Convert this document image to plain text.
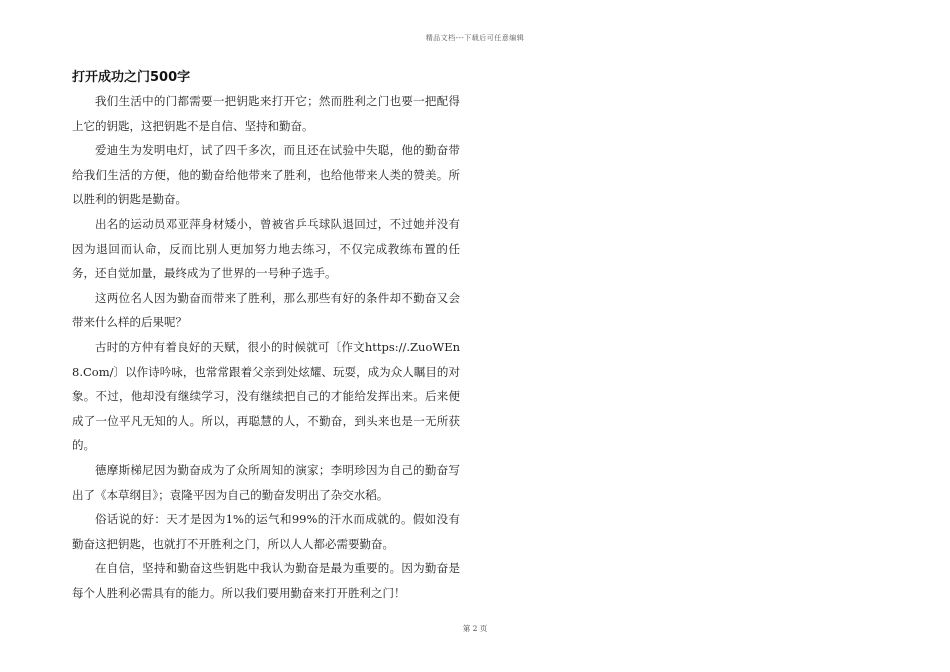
精品文档---下载后可任意编辑
打开成功之门500字

我们生活中的门都需要一把钥匙来打开它；然而胜利之门也要一把配得上它的钥匙，这把钥匙不是自信、坚持和勤奋。

爱迪生为发明电灯，试了四千多次，而且还在试验中失聪，他的勤奋带给我们生活的方便，他的勤奋给他带来了胜利，也给他带来人类的赞美。所以胜利的钥匙是勤奋。

出名的运动员邓亚萍身材矮小，曾被省乒乓球队退回过，不过她并没有因为退回而认命，反而比别人更加努力地去练习，不仅完成教练布置的任务，还自觉加量，最终成为了世界的一号种子选手。

这两位名人因为勤奋而带来了胜利，那么那些有好的条件却不勤奋又会带来什么样的后果呢？

古时的方仲有着良好的天赋，很小的时候就可〔作文https://.ZuoWEn8.Com/〕以作诗吟咏，也常常跟着父亲到处炫耀、玩耍，成为众人瞩目的对象。不过，他却没有继续学习，没有继续把自己的才能给发挥出来。后来便成了一位平凡无知的人。所以，再聪慧的人，不勤奋，到头来也是一无所获的。

德摩斯梯尼因为勤奋成为了众所周知的演家；李明珍因为自己的勤奋写出了《本草纲目》；袁隆平因为自己的勤奋发明出了杂交水稻。

俗话说的好：天才是因为1%的运气和99%的汗水而成就的。假如没有勤奋这把钥匙，也就打不开胜利之门，所以人人都必需要勤奋。

在自信，坚持和勤奋这些钥匙中我认为勤奋是最为重要的。因为勤奋是每个人胜利必需具有的能力。所以我们要用勤奋来打开胜利之门！

第 2 页
